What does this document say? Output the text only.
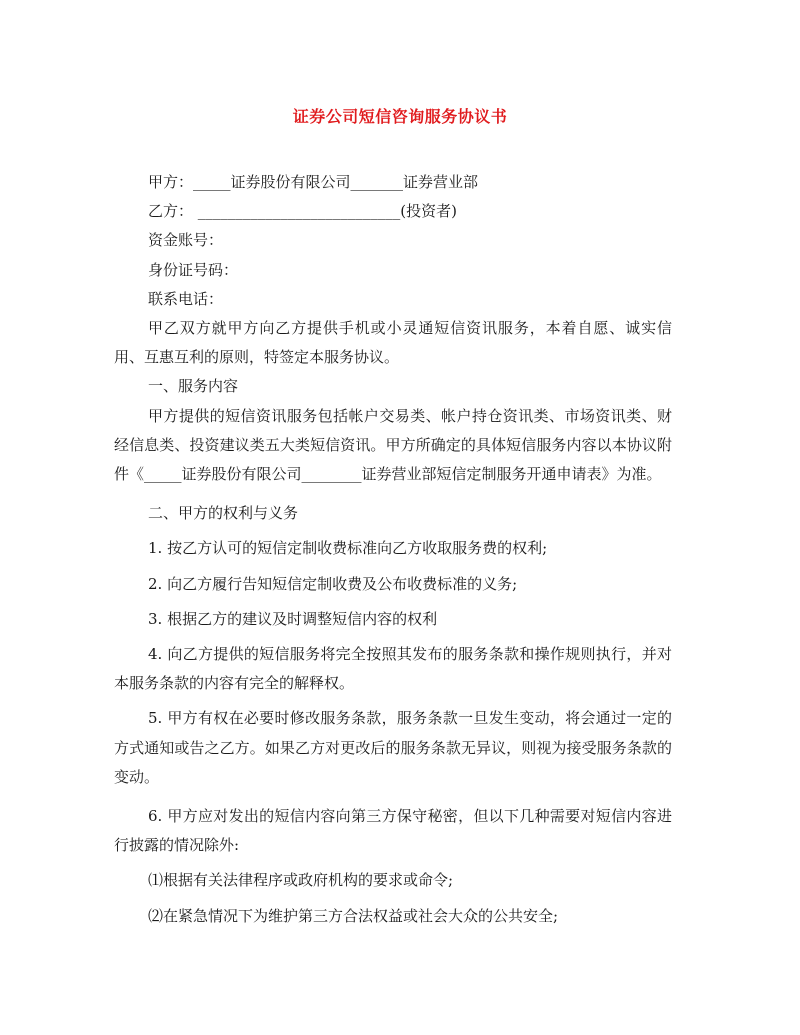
证券公司短信咨询服务协议书

甲方：_____证券股份有限公司_______证券营业部

乙方： ___________________________(投资者)

资金账号：

身份证号码：

联系电话：

甲乙双方就甲方向乙方提供手机或小灵通短信资讯服务，本着自愿、诚实信用、互惠互利的原则，特签定本服务协议。

一、服务内容

甲方提供的短信资讯服务包括帐户交易类、帐户持仓资讯类、市场资讯类、财经信息类、投资建议类五大类短信资讯。甲方所确定的具体短信服务内容以本协议附件《_____证券股份有限公司________证券营业部短信定制服务开通申请表》为准。

二、甲方的权利与义务

1. 按乙方认可的短信定制收费标准向乙方收取服务费的权利;

2. 向乙方履行告知短信定制收费及公布收费标准的义务;

3. 根据乙方的建议及时调整短信内容的权利

4. 向乙方提供的短信服务将完全按照其发布的服务条款和操作规则执行，并对本服务条款的内容有完全的解释权。

5. 甲方有权在必要时修改服务条款，服务条款一旦发生变动，将会通过一定的方式通知或告之乙方。如果乙方对更改后的服务条款无异议，则视为接受服务条款的变动。

6. 甲方应对发出的短信内容向第三方保守秘密，但以下几种需要对短信内容进行披露的情况除外:

⑴根据有关法律程序或政府机构的要求或命令;

⑵在紧急情况下为维护第三方合法权益或社会大众的公共安全;
